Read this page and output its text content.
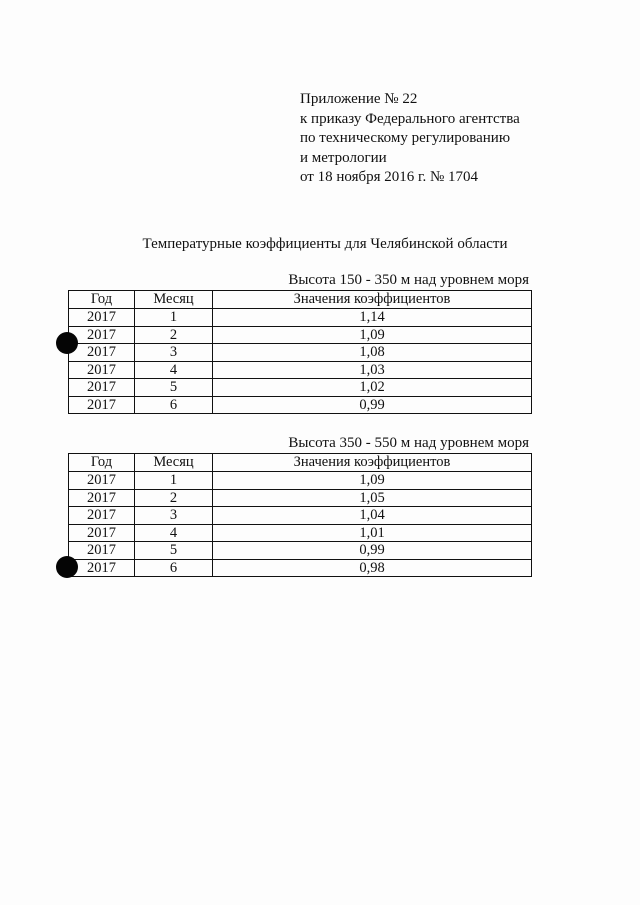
Приложение № 22
к приказу Федерального агентства
по техническому регулированию
и метрологии
от 18 ноября 2016 г. № 1704
Температурные коэффициенты для Челябинской области
Высота 150 - 350 м над уровнем моря
Год	Месяц	Значения коэффициентов
2017	1	1,14
2017	2	1,09
2017	3	1,08
2017	4	1,03
2017	5	1,02
2017	6	0,99
Высота 350 - 550 м над уровнем моря
Год	Месяц	Значения коэффициентов
2017	1	1,09
2017	2	1,05
2017	3	1,04
2017	4	1,01
2017	5	0,99
2017	6	0,98
